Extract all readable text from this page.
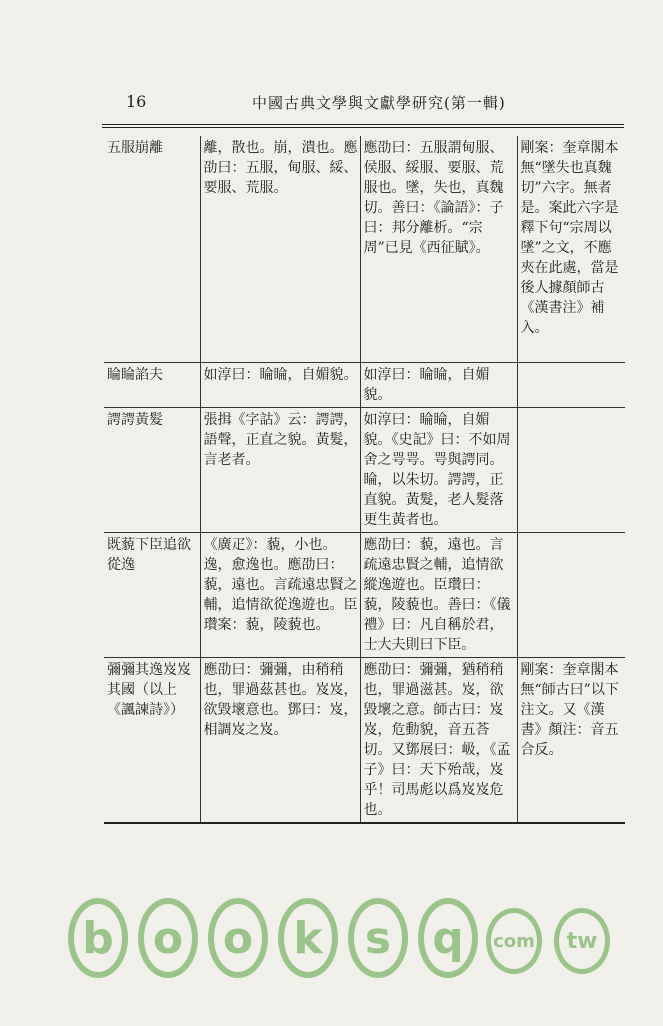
16	中國古典文學與文獻學研究(第一輯)
五服崩離	離，散也。崩，潰也。應劭曰：五服，甸服、綏、要服、荒服。	應劭曰：五服謂甸服、侯服、綏服、要服、荒服也。墜，失也，真魏切。善曰：《論語》：子曰：邦分離析。“宗周”已見《西征賦》。	剛案：奎章閣本無“墜失也真魏切”六字。無者是。案此六字是釋下句“宗周以墜”之文，不應夾在此處，當是後人據顏師古《漢書注》補入。
睔睔諂夫	如淳曰：睔睔，自媚貌。	如淳曰：睔睔，自媚貌。	
諤諤黃髮	張揖《字詁》云：諤諤，語聲，正直之貌。黃髮，言老者。	如淳曰：睔睔，自媚貌。《史記》曰：不如周舍之咢咢。咢與諤同。睔，以朱切。諤諤，正直貌。黃髮，老人髮落更生黃者也。	
既藐下臣追欲從逸	《廣疋》：藐，小也。逸，愈逸也。應劭曰：藐，遠也。言疏遠忠賢之輔，追情欲從逸遊也。臣瓚案：藐，陵藐也。	應劭曰：藐，遠也。言疏遠忠賢之輔，追情欲縱逸遊也。臣瓚曰：藐，陵藐也。善曰：《儀禮》曰：凡自稱於君，士大夫則曰下臣。	
彌彌其逸岌岌其國（以上《諷諫詩》）	應劭曰：彌彌，由稍稍也，罪過茲甚也。岌岌，欲毀壞意也。鄧曰：岌，相調岌之岌。	應劭曰：彌彌，猶稍稍也，罪過滋甚。岌，欲毀壞之意。師古曰：岌岌，危動貌，音五荅切。又鄧展曰：岋，《孟子》曰：天下殆哉，岌乎！司馬彪以爲岌岌危也。	剛案：奎章閣本無“師古曰”以下注文。又《漢書》顏注：音五合反。
b o o k s q	com	tw
